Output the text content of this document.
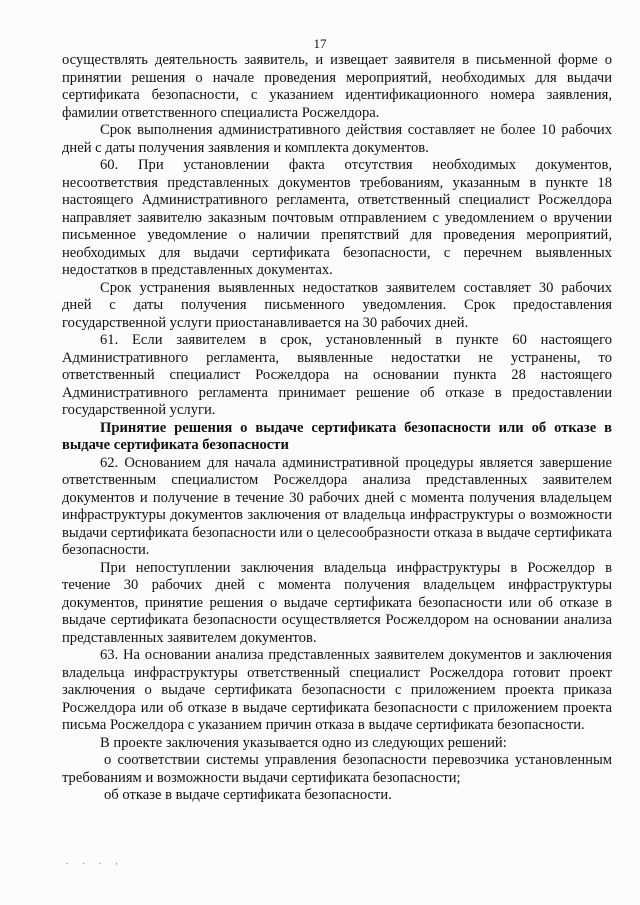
17

осуществлять деятельность заявитель, и извещает заявителя в письменной форме о принятии решения о начале проведения мероприятий, необходимых для выдачи сертификата безопасности, с указанием идентификационного номера заявления, фамилии ответственного специалиста Росжелдора.

Срок выполнения административного действия составляет не более 10 рабочих дней с даты получения заявления и комплекта документов.

60. При установлении факта отсутствия необходимых документов, несоответствия представленных документов требованиям, указанным в пункте 18 настоящего Административного регламента, ответственный специалист Росжелдора направляет заявителю заказным почтовым отправлением с уведомлением о вручении письменное уведомление о наличии препятствий для проведения мероприятий, необходимых для выдачи сертификата безопасности, с перечнем выявленных недостатков в представленных документах.

Срок устранения выявленных недостатков заявителем составляет 30 рабочих дней с даты получения письменного уведомления. Срок предоставления государственной услуги приостанавливается на 30 рабочих дней.

61. Если заявителем в срок, установленный в пункте 60 настоящего Административного регламента, выявленные недостатки не устранены, то ответственный специалист Росжелдора на основании пункта 28 настоящего Административного регламента принимает решение об отказе в предоставлении государственной услуги.

Принятие решения о выдаче сертификата безопасности или об отказе в выдаче сертификата безопасности

62. Основанием для начала административной процедуры является завершение ответственным специалистом Росжелдора анализа представленных заявителем документов и получение в течение 30 рабочих дней с момента получения владельцем инфраструктуры документов заключения от владельца инфраструктуры о возможности выдачи сертификата безопасности или о целесообразности отказа в выдаче сертификата безопасности.

При непоступлении заключения владельца инфраструктуры в Росжелдор в течение 30 рабочих дней с момента получения владельцем инфраструктуры документов, принятие решения о выдаче сертификата безопасности или об отказе в выдаче сертификата безопасности осуществляется Росжелдором на основании анализа представленных заявителем документов.

63. На основании анализа представленных заявителем документов и заключения владельца инфраструктуры ответственный специалист Росжелдора готовит проект заключения о выдаче сертификата безопасности с приложением проекта приказа Росжелдора или об отказе в выдаче сертификата безопасности с приложением проекта письма Росжелдора с указанием причин отказа в выдаче сертификата безопасности.

В проекте заключения указывается одно из следующих решений:

о соответствии системы управления безопасности перевозчика установленным требованиям и возможности выдачи сертификата безопасности;

об отказе в выдаче сертификата безопасности.

. . . ,
